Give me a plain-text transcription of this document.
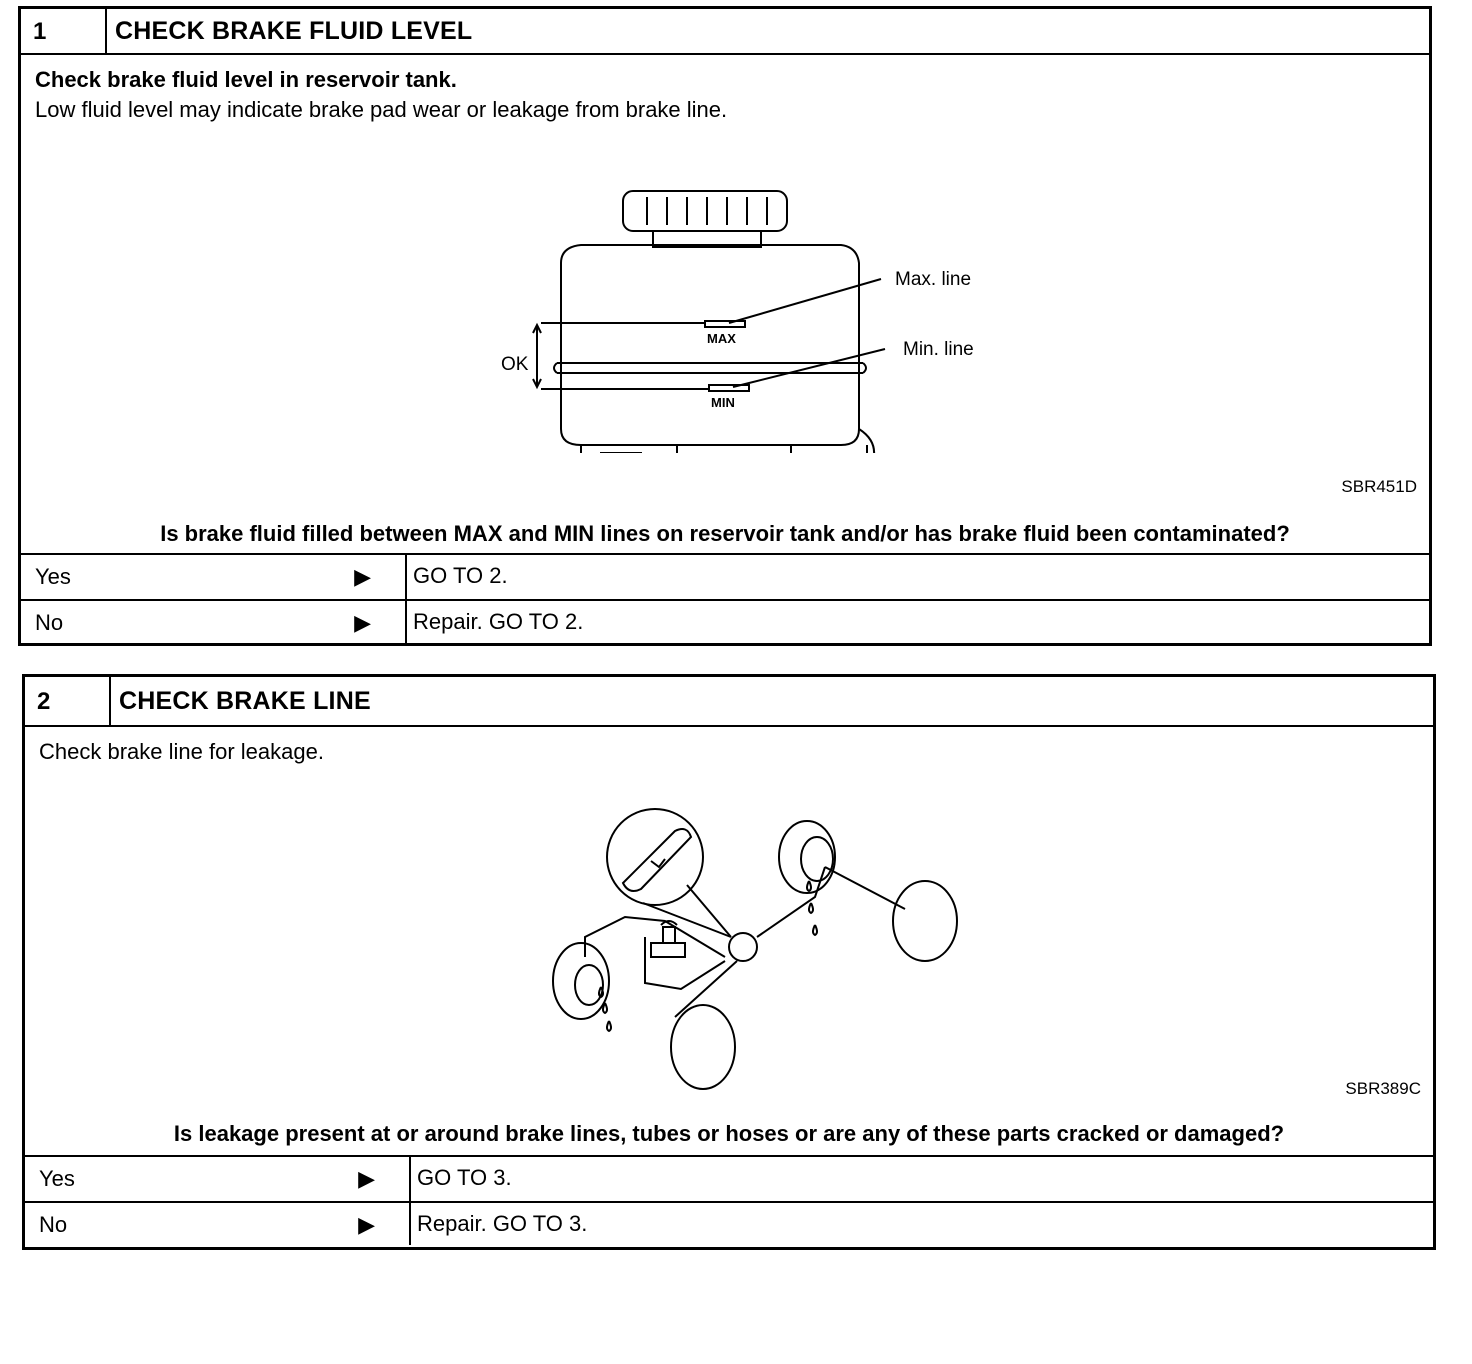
1	CHECK BRAKE FLUID LEVEL
Check brake fluid level in reservoir tank.
Low fluid level may indicate brake pad wear or leakage from brake line.
OK
MAX
MIN
Max. line
Min. line
SBR451D
Is brake fluid filled between MAX and MIN lines on reservoir tank and/or has brake fluid been contaminated?
Yes	▶ GO TO 2.
No	▶ Repair. GO TO 2.
2	CHECK BRAKE LINE
Check brake line for leakage.
SBR389C
Is leakage present at or around brake lines, tubes or hoses or are any of these parts cracked or damaged?
Yes	▶ GO TO 3.
No	▶ Repair. GO TO 3.
